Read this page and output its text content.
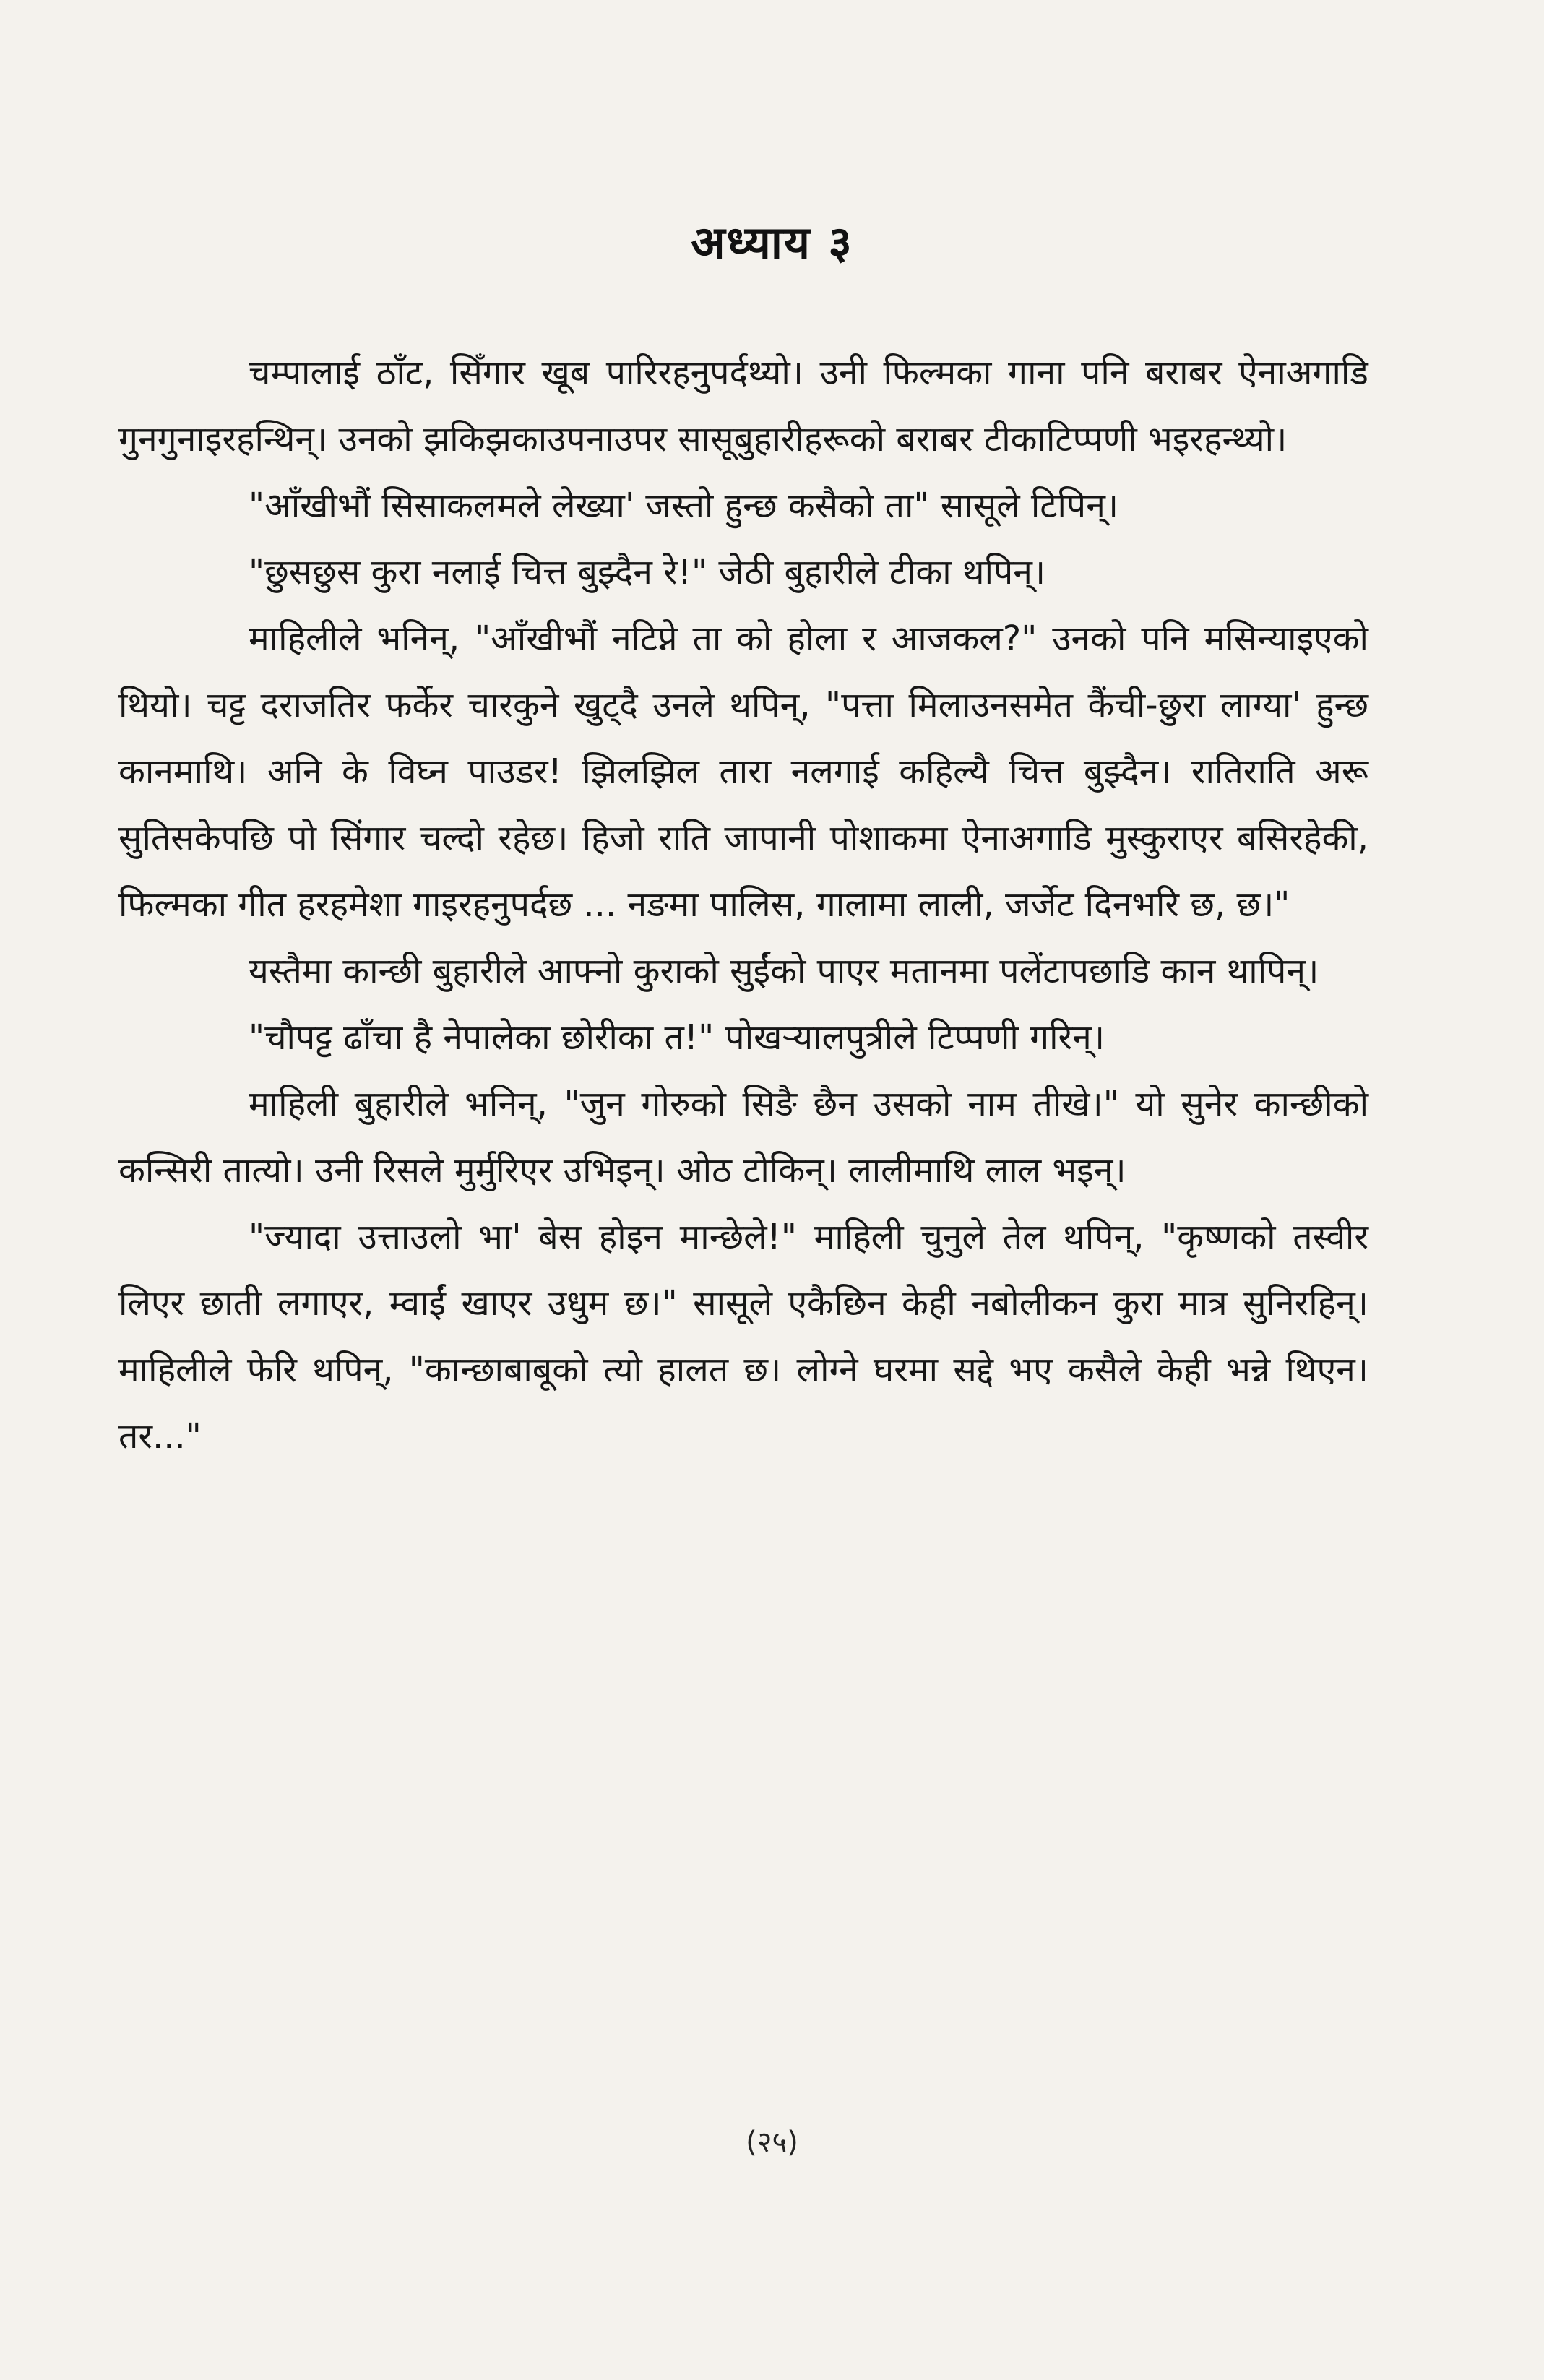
अध्याय ३

चम्पालाई ठाँट, सिँगार खूब पारिरहनुपर्दथ्यो। उनी फिल्मका गाना पनि बराबर ऐनाअगाडि गुनगुनाइरहन्थिन्। उनको झकिझकाउपनाउपर सासूबुहारीहरूको बराबर टीकाटिप्पणी भइरहन्थ्यो।

"आँखीभौं सिसाकलमले लेख्या' जस्तो हुन्छ कसैको ता" सासूले टिपिन्।

"छुसछुस कुरा नलाई चित्त बुझ्दैन रे!" जेठी बुहारीले टीका थपिन्।

माहिलीले भनिन्, "आँखीभौं नटिप्ने ता को होला र आजकल?" उनको पनि मसिन्याइएको थियो। चट्ट दराजतिर फर्केर चारकुने खुट्दै उनले थपिन्, "पत्ता मिलाउनसमेत कैंची-छुरा लाग्या' हुन्छ कानमाथि। अनि के विघ्न पाउडर! झिलझिल तारा नलगाई कहिल्यै चित्त बुझ्दैन। रातिराति अरू सुतिसकेपछि पो सिंगार चल्दो रहेछ। हिजो राति जापानी पोशाकमा ऐनाअगाडि मुस्कुराएर बसिरहेकी, फिल्मका गीत हरहमेशा गाइरहनुपर्दछ ... नङमा पालिस, गालामा लाली, जर्जेट दिनभरि छ, छ।"

यस्तैमा कान्छी बुहारीले आफ्नो कुराको सुईंको पाएर मतानमा पलेंटापछाडि कान थापिन्।

"चौपट्ट ढाँचा है नेपालेका छोरीका त!" पोखऱ्यालपुत्रीले टिप्पणी गरिन्।

माहिली बुहारीले भनिन्, "जुन गोरुको सिङै छैन उसको नाम तीखे।" यो सुनेर कान्छीको कन्सिरी तात्यो। उनी रिसले मुर्मुरिएर उभिइन्। ओठ टोकिन्। लालीमाथि लाल भइन्।

"ज्यादा उत्ताउलो भा' बेस होइन मान्छेले!" माहिली चुनुले तेल थपिन्, "कृष्णको तस्वीर लिएर छाती लगाएर, म्वाईं खाएर उधुम छ।" सासूले एकैछिन केही नबोलीकन कुरा मात्र सुनिरहिन्। माहिलीले फेरि थपिन्, "कान्छाबाबूको त्यो हालत छ। लोग्ने घरमा सद्दे भए कसैले केही भन्ने थिएन। तर..."

(२५)
